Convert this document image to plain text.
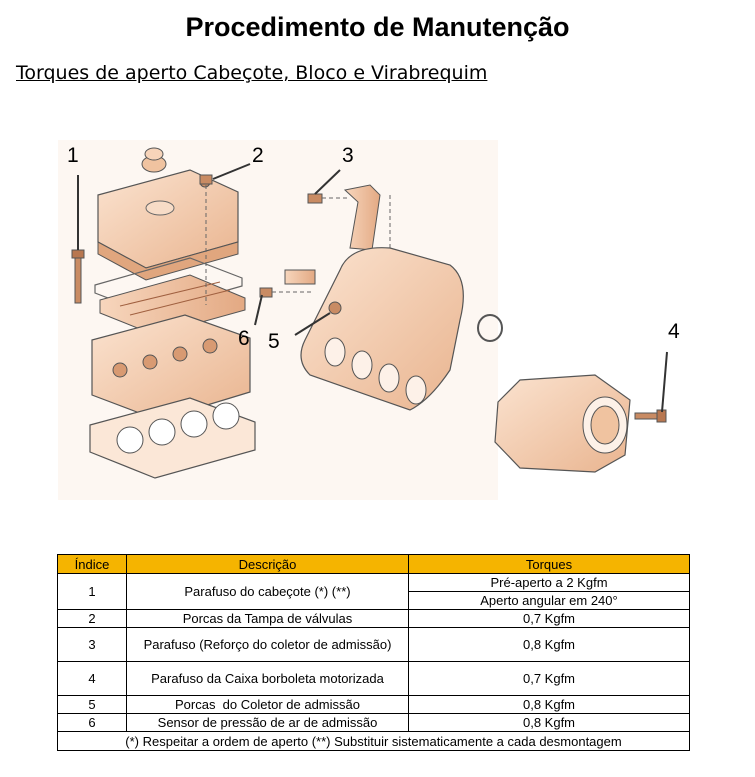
Procedimento de Manutenção
Torques de aperto Cabeçote, Bloco e Virabrequim
1	2	3
4
5
6
Índice	Descrição	Torques
1	Parafuso do cabeçote (*) (**)	Pré-aperto a 2 Kgfm
		Aperto angular em 240°
2	Porcas da Tampa de válvulas	0,7 Kgfm
3	Parafuso (Reforço do coletor de admissão)	0,8 Kgfm
4	Parafuso da Caixa borboleta motorizada	0,7 Kgfm
5	Porcas  do Coletor de admissão	0,8 Kgfm
6	Sensor de pressão de ar de admissão	0,8 Kgfm
(*) Respeitar a ordem de aperto (**) Substituir sistematicamente a cada desmontagem		
